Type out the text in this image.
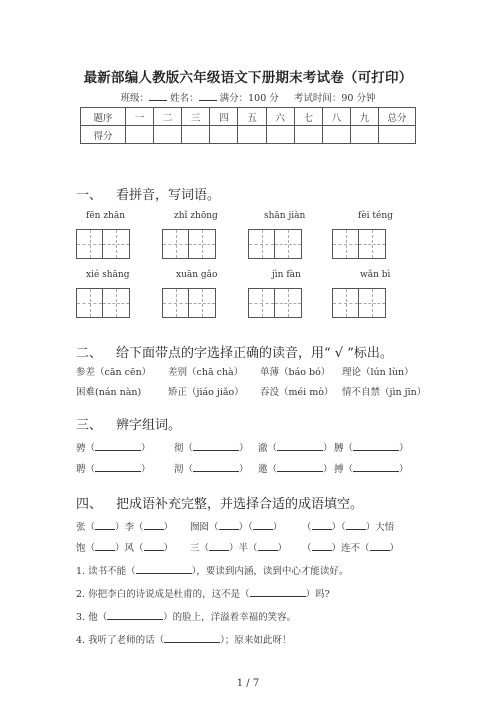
最新部编人教版六年级语文下册期末考试卷（可打印）
班级： 姓名： 满分：100 分 考试时间：90 分钟
题序	一	二	三	四	五	六	七	八	九	总分
得分										
一、 看拼音，写词语。
fēn zhān	zhǐ zhōng	shān jiàn	fèi téng
xié shāng	xuān gǎo	jìn fàn	wǎn bì
二、 给下面带点的字选择正确的读音，用“ √ ”标出。
参差（cān cēn） 差别（chā chà） 单薄（báo bó） 理论（lún lùn）
困难(nán nàn)	矫正（jiáo jiǎo） 吞没（méi mò） 情不自禁（jìn jīn）
三、 辨字组词。
骋（	） 彻（	） 澈（	） 膊（	）
聘（	） 沏（	） 邀（	） 搏（	）
四、 把成语补充完整，并选择合适的成语填空。
张（ ）李（ ） 囫囵（ ）（ ） （ ）（ ）大悟
饱（ ）风（ ） 三（ ）半（ ） （ ）连不（ ）
1. 读书不能（	），要读到内涵，读到中心才能读好。
2. 你把李白的诗说成是杜甫的，这不是（	）吗?
3. 他（	）的脸上，洋溢着幸福的笑容。
4. 我听了老师的话（	）；原来如此呀！
1 / 7
